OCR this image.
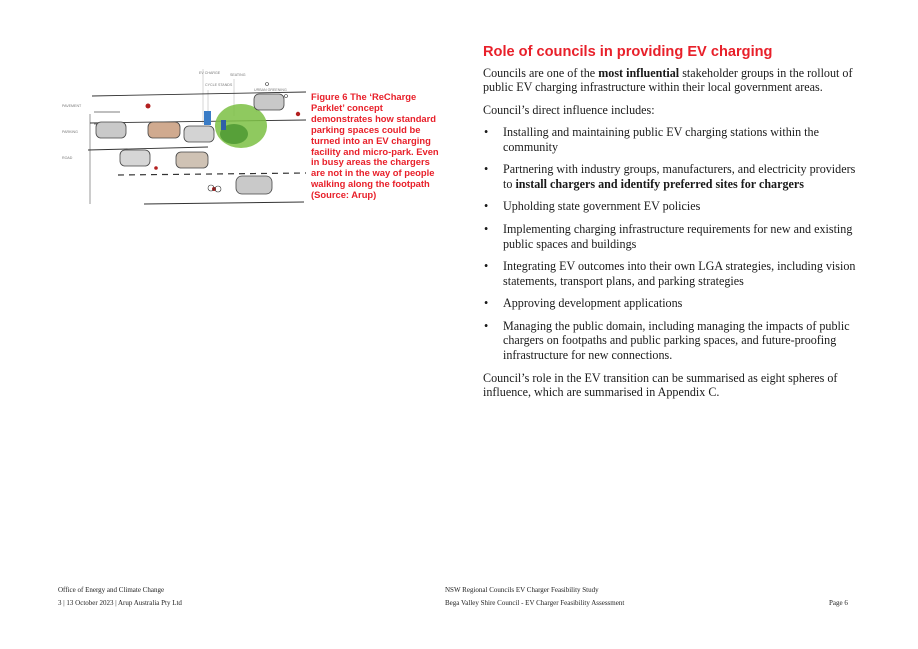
PAVEMENT
PARKING
ROAD
EV CHARGE	SEATING
CYCLE STANDS
URBAN GREENING
Figure 6 The ‘ReCharge Parklet’ concept demonstrates how standard parking spaces could be turned into an EV charging facility and micro-park. Even in busy areas the chargers are not in the way of people walking along the footpath (Source: Arup)
Role of councils in providing EV charging

Councils are one of the most influential stakeholder groups in the rollout of public EV charging infrastructure within their local government areas.

Council’s direct influence includes:

• Installing and maintaining public EV charging stations within the community
• Partnering with industry groups, manufacturers, and electricity providers to install chargers and identify preferred sites for chargers
• Upholding state government EV policies
• Implementing charging infrastructure requirements for new and existing public spaces and buildings
• Integrating EV outcomes into their own LGA strategies, including vision statements, transport plans, and parking strategies
• Approving development applications
• Managing the public domain, including managing the impacts of public chargers on footpaths and public parking spaces, and future-proofing infrastructure for new connections.

Council’s role in the EV transition can be summarised as eight spheres of influence, which are summarised in Appendix C.

Office of Energy and Climate Change
3 | 13 October 2023 | Arup Australia Pty Ltd
NSW Regional Councils EV Charger Feasibility Study
Bega Valley Shire Council - EV Charger Feasibility Assessment	Page 6
